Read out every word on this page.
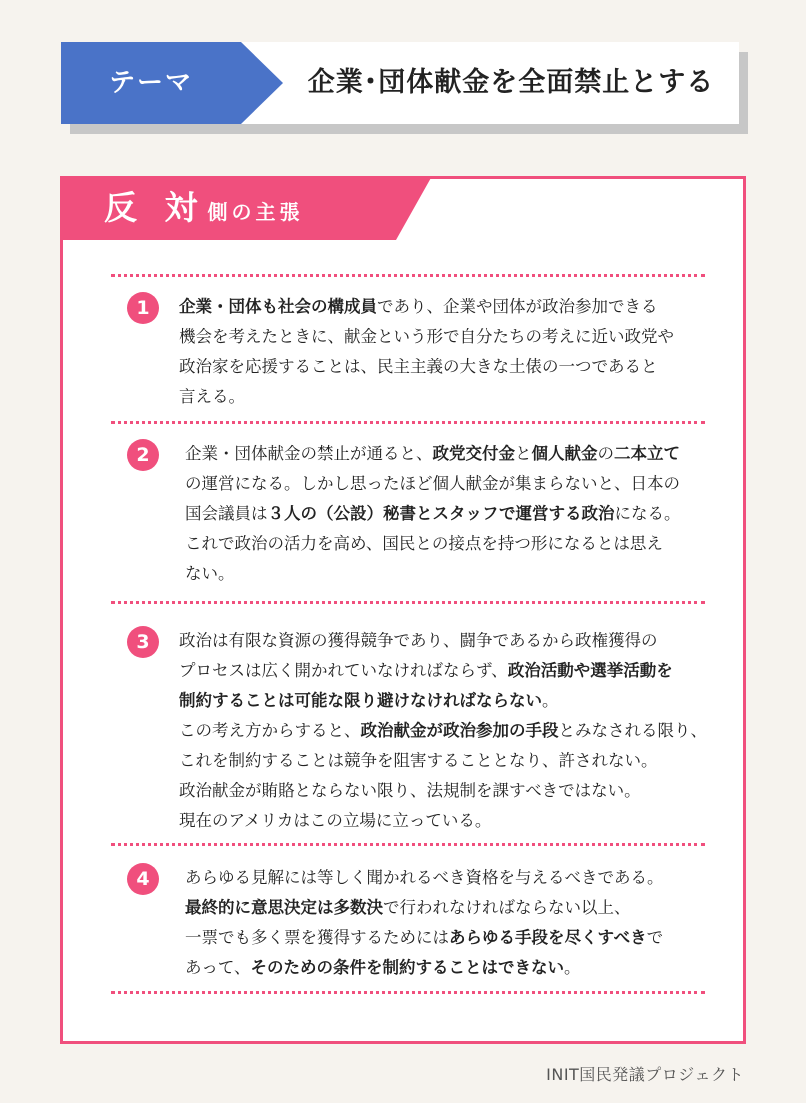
テーマ	企業･団体献金を全面禁止とする
反 対 側の主張
1	企業・団体も社会の構成員であり、企業や団体が政治参加できる
機会を考えたときに、献金という形で自分たちの考えに近い政党や
政治家を応援することは、民主主義の大きな土俵の一つであると
言える。
2	企業・団体献金の禁止が通ると、政党交付金と個人献金の二本立て
の運営になる。しかし思ったほど個人献金が集まらないと、日本の
国会議員は３人の（公設）秘書とスタッフで運営する政治になる。
これで政治の活力を高め、国民との接点を持つ形になるとは思え
ない。
3	政治は有限な資源の獲得競争であり、闘争であるから政権獲得の
プロセスは広く開かれていなければならず、政治活動や選挙活動を
制約することは可能な限り避けなければならない。
この考え方からすると、政治献金が政治参加の手段とみなされる限り、
これを制約することは競争を阻害することとなり、許されない。
政治献金が賄賂とならない限り、法規制を課すべきではない。
現在のアメリカはこの立場に立っている。
4	あらゆる見解には等しく聞かれるべき資格を与えるべきである。
最終的に意思決定は多数決で行われなければならない以上、
一票でも多く票を獲得するためにはあらゆる手段を尽くすべきで
あって、そのための条件を制約することはできない。
INIT国民発議プロジェクト
